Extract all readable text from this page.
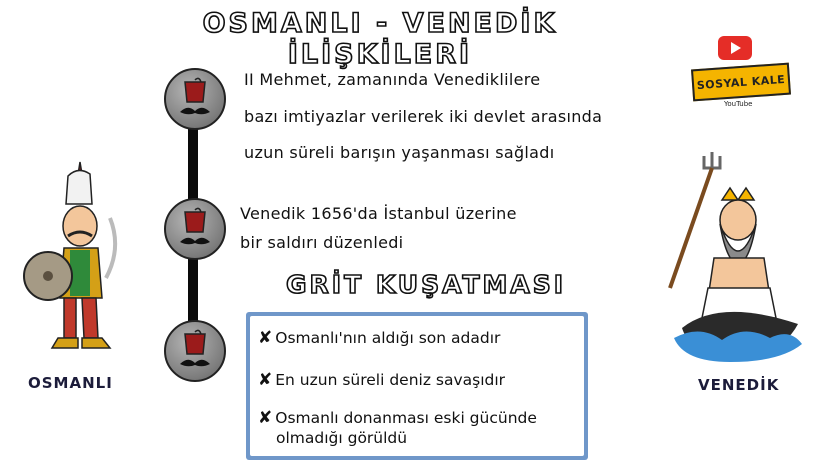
OSMANLI - VENEDİK İLİŞKİLERİ
II Mehmet, zamanında Venediklilere
bazı imtiyazlar verilerek iki devlet arasında
uzun süreli barışın yaşanması sağladı
Venedik 1656'da İstanbul üzerine
bir saldırı düzenledi
GRİT KUŞATMASI
✘ Osmanlı'nın aldığı son adadır
✘ En uzun süreli deniz savaşıdır
✘ Osmanlı donanması eski gücünde
olmadığı görüldü
OSMANLI
SOSYAL KALE
YouTube
VENEDİK
